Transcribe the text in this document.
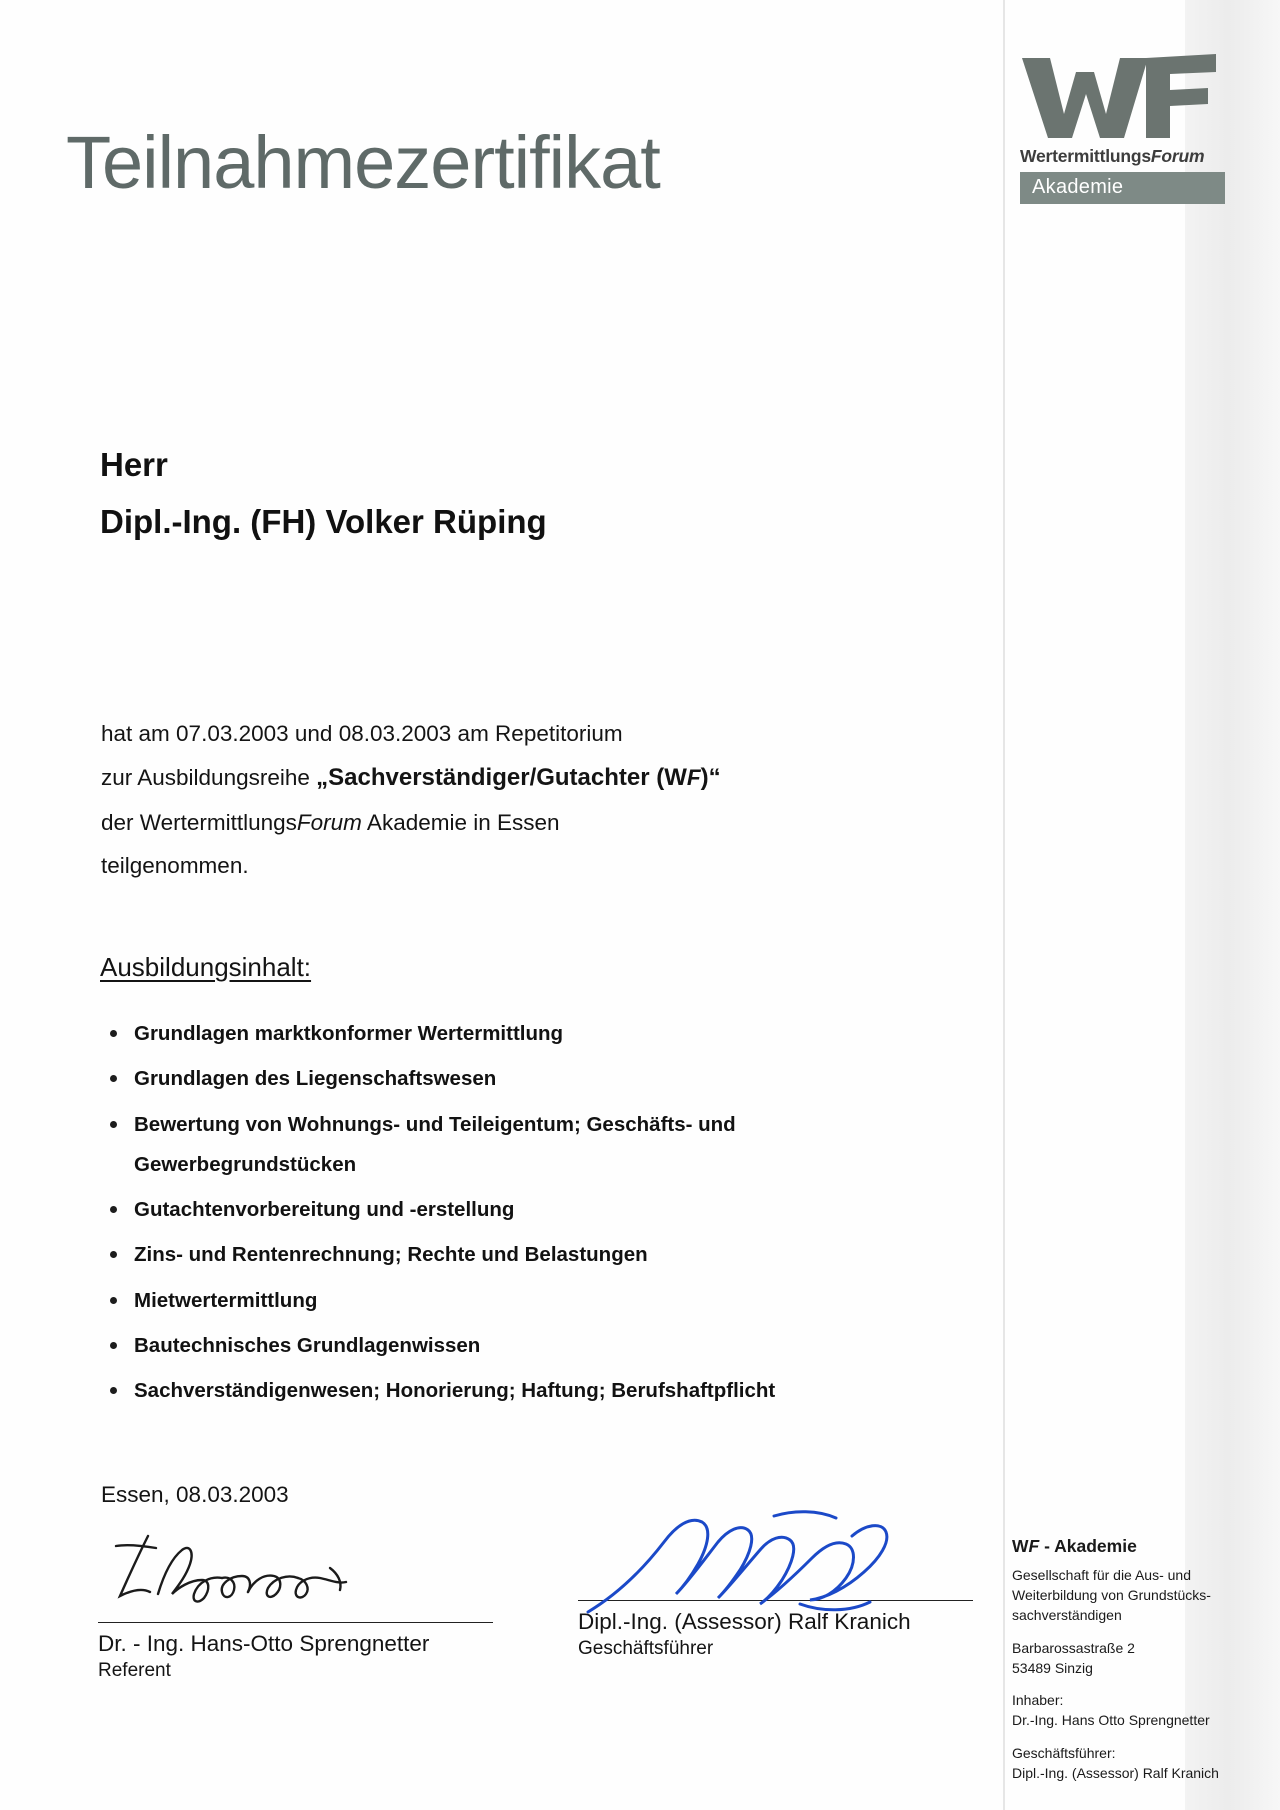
Teilnahmezertifikat	WertermittlungsForum
Akademie
Herr
Dipl.-Ing. (FH) Volker Rüping
hat am 07.03.2003 und 08.03.2003 am Repetitorium
zur Ausbildungsreihe „Sachverständiger/Gutachter (WF)“
der WertermittlungsForum Akademie in Essen
teilgenommen.
Ausbildungsinhalt:
Grundlagen marktkonformer Wertermittlung
Grundlagen des Liegenschaftswesen
Bewertung von Wohnungs- und Teileigentum; Geschäfts- und
Gewerbegrundstücken
Gutachtenvorbereitung und -erstellung
Zins- und Rentenrechnung; Rechte und Belastungen
Mietwertermittlung
Bautechnisches Grundlagenwissen
Sachverständigenwesen; Honorierung; Haftung; Berufshaftpflicht
Essen, 08.03.2003
Dr. - Ing. Hans-Otto Sprengnetter
Referent
Dipl.-Ing. (Assessor) Ralf Kranich
Geschäftsführer
WF - Akademie
Gesellschaft für die Aus- und
Weiterbildung von Grundstücks-
sachverständigen
Barbarossastraße 2
53489 Sinzig
Inhaber:
Dr.-Ing. Hans Otto Sprengnetter
Geschäftsführer:
Dipl.-Ing. (Assessor) Ralf Kranich
